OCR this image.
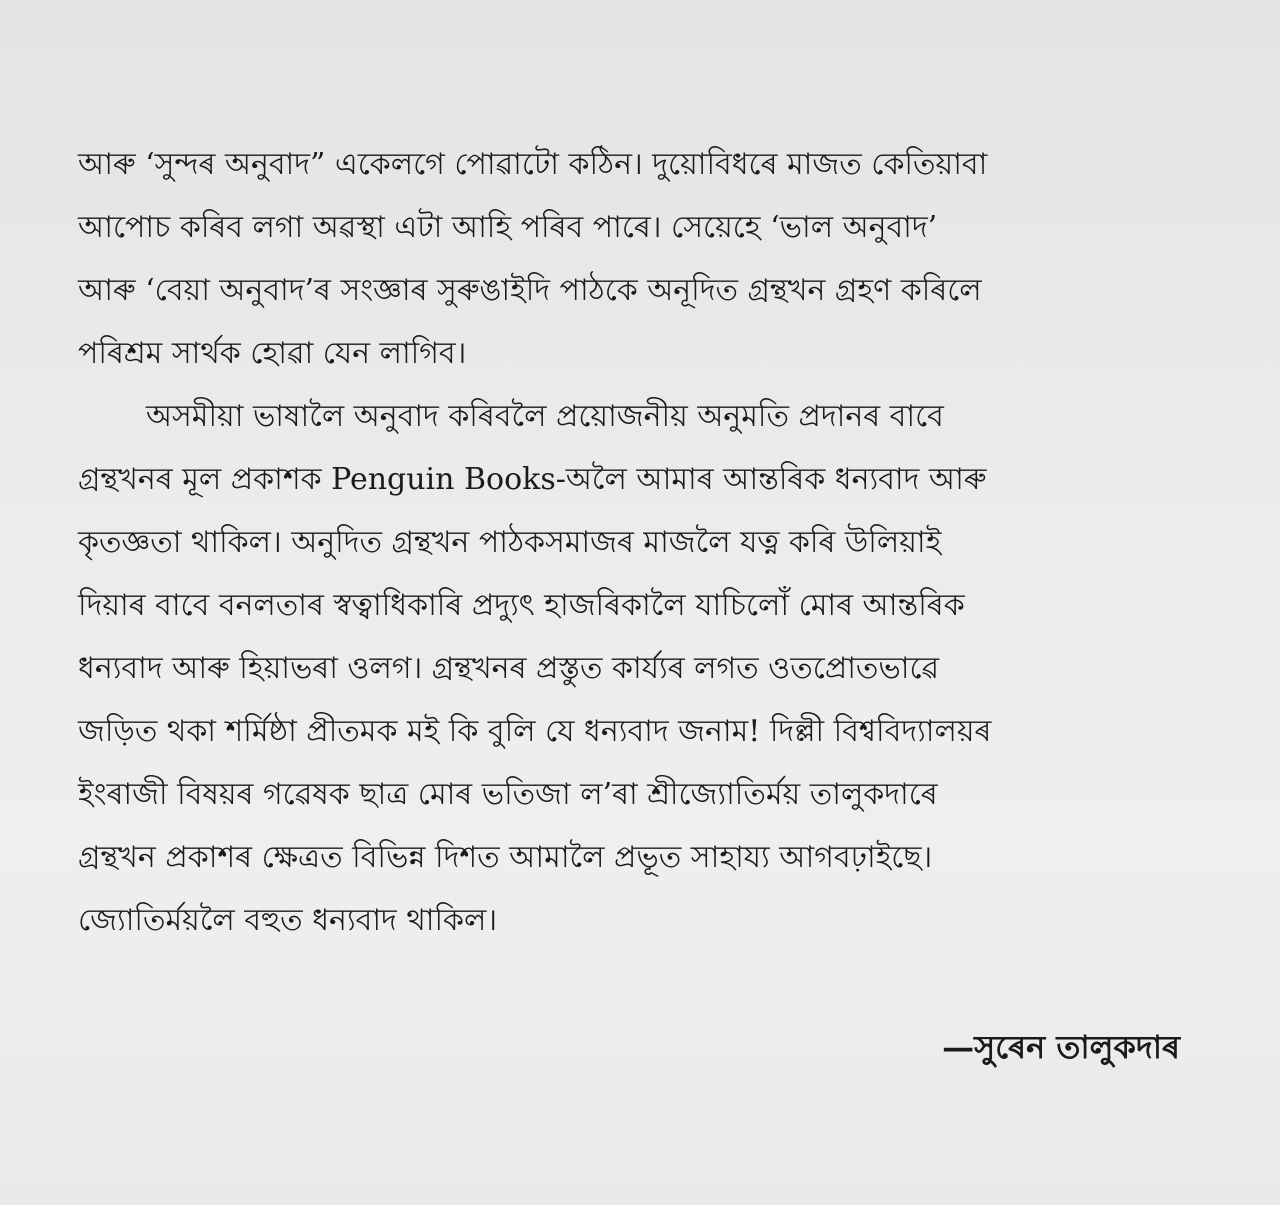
আৰু ‘সুন্দৰ অনুবাদ” একেলগে পোৱাটো কঠিন। দুয়োবিধৰে মাজত কেতিয়াবা
আপোচ কৰিব লগা অৱস্থা এটা আহি পৰিব পাৰে। সেয়েহে ‘ভাল অনুবাদ’
আৰু ‘বেয়া অনুবাদ’ৰ সংজ্ঞাৰ সুৰুঙাইদি পাঠকে অনূদিত গ্ৰন্থখন গ্ৰহণ কৰিলে
পৰিশ্ৰম সাৰ্থক হোৱা যেন লাগিব।
অসমীয়া ভাষালৈ অনুবাদ কৰিবলৈ প্ৰয়োজনীয় অনুমতি প্ৰদানৰ বাবে
গ্ৰন্থখনৰ মূল প্ৰকাশক Penguin Books-অলৈ আমাৰ আন্তৰিক ধন্যবাদ আৰু
কৃতজ্ঞতা থাকিল। অনুদিত গ্ৰন্থখন পাঠকসমাজৰ মাজলৈ যত্ন কৰি উলিয়াই
দিয়াৰ বাবে বনলতাৰ স্বত্বাধিকাৰি প্ৰদ্যুৎ হাজৰিকালৈ যাচিলোঁ মোৰ আন্তৰিক
ধন্যবাদ আৰু হিয়াভৰা ওলগ। গ্ৰন্থখনৰ প্ৰস্তুত কাৰ্য্যৰ লগত ওতপ্ৰোতভাৱে
জড়িত থকা শৰ্মিষ্ঠা প্ৰীতমক মই কি বুলি যে ধন্যবাদ জনাম! দিল্লী বিশ্ববিদ্যালয়ৰ
ইংৰাজী বিষয়ৰ গৱেষক ছাত্ৰ মোৰ ভতিজা ল’ৰা শ্ৰীজ্যোতিৰ্ময় তালুকদাৰে
গ্ৰন্থখন প্ৰকাশৰ ক্ষেত্ৰত বিভিন্ন দিশত আমালৈ প্ৰভূত সাহায্য আগবঢ়াইছে।
জ্যোতিৰ্ময়লৈ বহুত ধন্যবাদ থাকিল।
—সুৰেন তালুকদাৰ
